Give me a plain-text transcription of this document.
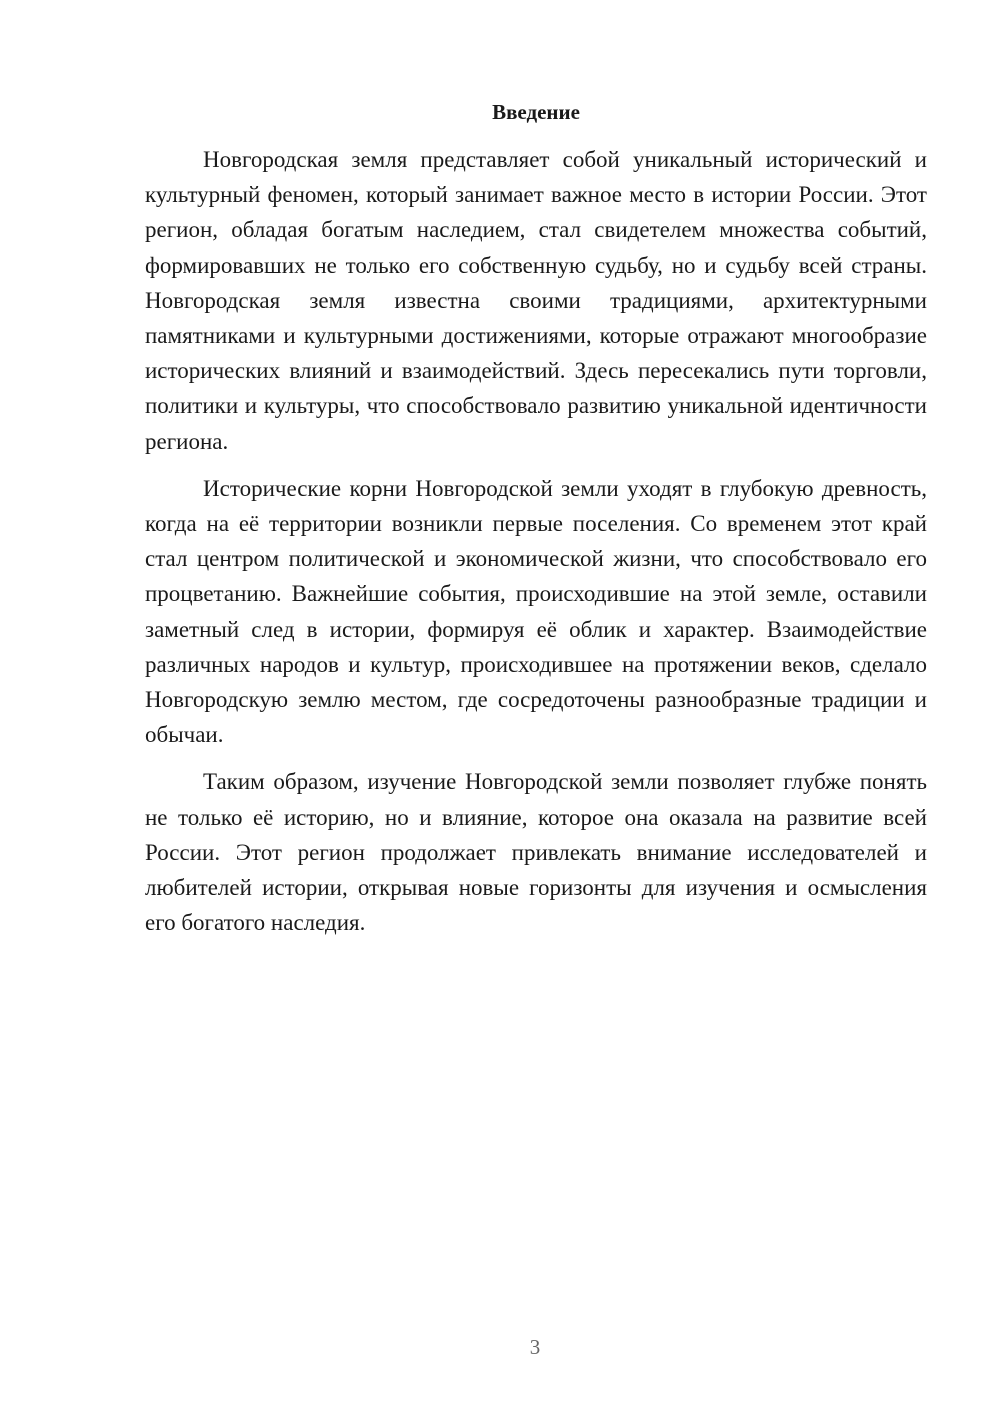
Введение

Новгородская земля представляет собой уникальный исторический и культурный феномен, который занимает важное место в истории России. Этот регион, обладая богатым наследием, стал свидетелем множества событий, формировавших не только его собственную судьбу, но и судьбу всей страны. Новгородская земля известна своими традициями, архитектурными памятниками и культурными достижениями, которые отражают многообразие исторических влияний и взаимодействий. Здесь пересекались пути торговли, политики и культуры, что способствовало развитию уникальной идентичности региона.

Исторические корни Новгородской земли уходят в глубокую древность, когда на её территории возникли первые поселения. Со временем этот край стал центром политической и экономической жизни, что способствовало его процветанию. Важнейшие события, происходившие на этой земле, оставили заметный след в истории, формируя её облик и характер. Взаимодействие различных народов и культур, происходившее на протяжении веков, сделало Новгородскую землю местом, где сосредоточены разнообразные традиции и обычаи.

Таким образом, изучение Новгородской земли позволяет глубже понять не только её историю, но и влияние, которое она оказала на развитие всей России. Этот регион продолжает привлекать внимание исследователей и любителей истории, открывая новые горизонты для изучения и осмысления его богатого наследия.

3
